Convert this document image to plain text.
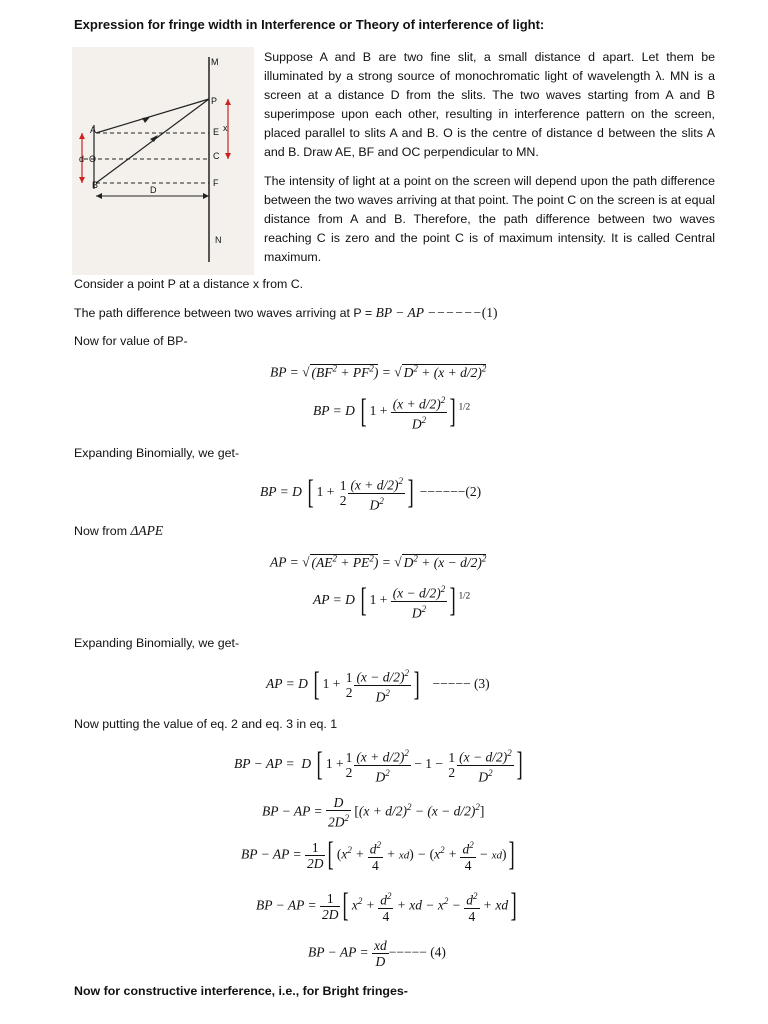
Expression for fringe width in Interference or Theory of interference of light:
M
P
A	E x
C
d O
B	F
D
N
Suppose A and B are two fine slit, a small distance d apart. Let them be illuminated by a strong source of monochromatic light of wavelength λ. MN is a screen at a distance D from the slits. The two waves starting from A and B superimpose upon each other, resulting in interference pattern on the screen, placed parallel to slits A and B. O is the centre of distance d between the slits A and B. Draw AE, BF and OC perpendicular to MN.
The intensity of light at a point on the screen will depend upon the path difference between the two waves arriving at that point. The point C on the screen is at equal distance from A and B. Therefore, the path difference between two waves reaching C is zero and the point C is of maximum intensity. It is called Central maximum.
Consider a point P at a distance x from C.
The path difference between two waves arriving at P = BP − AP −−−−−−(1)
Now for value of BP-
BP = √ $(BF^2 + PF^2)$ = √ $D^2 + (x + d/2)^2$
BP = D [ $1 + \frac{(x + d/2)^2}{D^2}$ ] $^{1/2}$
Expanding Binomially, we get-
BP = D [ 1 + 1
$2 \frac{(x + d/2)^2}{D^2}$ ] −−−−−−(2)
Now from ΔAPE
AP = √ $(AE^2 + PE^2)$ = √ $D^2 + (x - d/2)^2$
AP = D [ $1 + \frac{(x - d/2)^2}{D^2}$ ] $^{1/2}$
Expanding Binomially, we get-
AP = D [ 1 + 1
$2 \frac{(x - d/2)^2}{D^2}$ ] −−−−− (3)
Now putting the value of eq. 2 and eq. 3 in eq. 1
BP − AP =  D [ 1 + 1
$2 \frac{(x + d/2)^2}{D^2} - 1 - 1$
$2 \frac{(x - d/2)^2}{D^2}$ ]
BP − AP = $\frac{D}{2D^2} [(x + d/2)^2 - (x - d/2)^2]$
BP − AP = $\frac{1}{2D}$ [ $(x^2 + \frac{d^2}{4} + xd) - (x^2 + \frac{d^2}{4} - xd)$]
BP − AP = $\frac{1}{2D}$ [ $x^2 + \frac{d^2}{4}$ + xd − $x^2 - \frac{d^2}{4} + xd$]
BP − AP = $\frac{xd}{D}$ −−−−− (4)
Now for constructive interference, i.e., for Bright fringes-
